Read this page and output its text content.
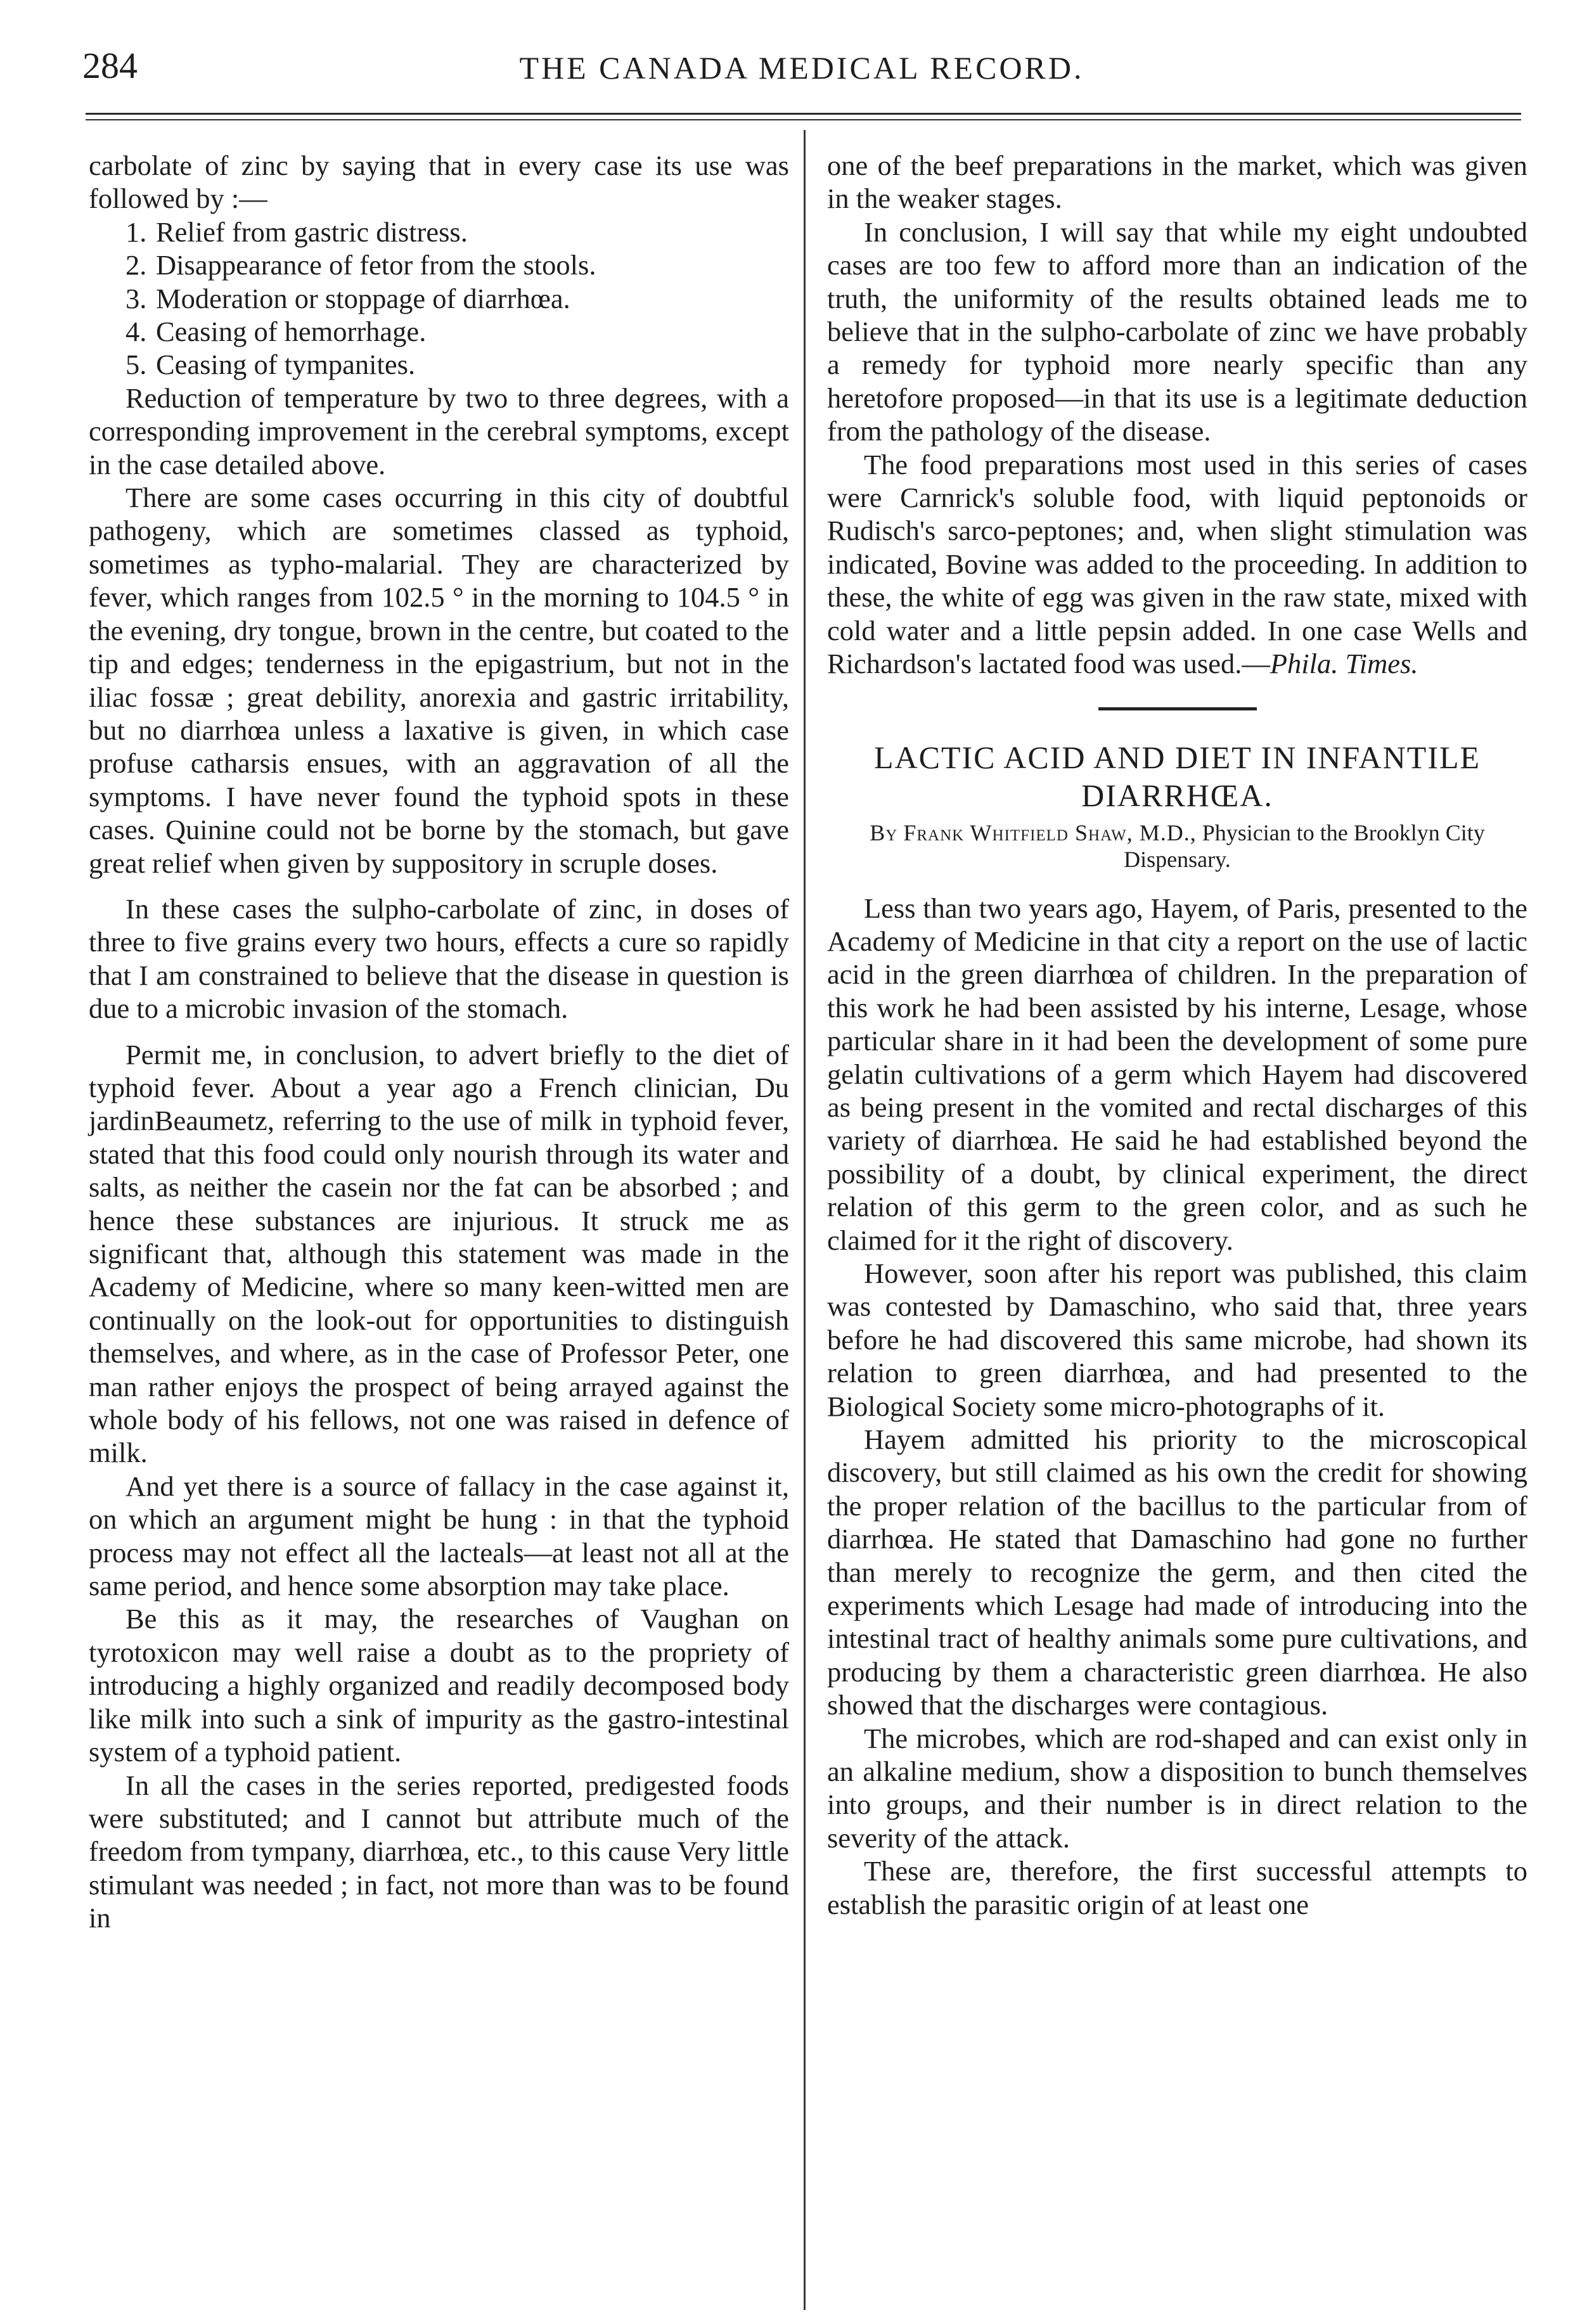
284	THE CANADA MEDICAL RECORD.

carbolate of zinc by saying that in every case its use was followed by :—

1. Relief from gastric distress.
2. Disappearance of fetor from the stools.
3. Moderation or stoppage of diarrhœa.
4. Ceasing of hemorrhage.
5. Ceasing of tympanites.

Reduction of temperature by two to three degrees, with a corresponding improvement in the cerebral symptoms, except in the case detailed above.

There are some cases occurring in this city of doubtful pathogeny, which are sometimes classed as typhoid, sometimes as typho-malarial. They are characterized by fever, which ranges from 102.5 ° in the morning to 104.5 ° in the evening, dry tongue, brown in the centre, but coated to the tip and edges; tenderness in the epigastrium, but not in the iliac fossæ ; great debility, anorexia and gastric irritability, but no diarrhœa unless a laxative is given, in which case profuse catharsis ensues, with an aggravation of all the symptoms. I have never found the typhoid spots in these cases. Quinine could not be borne by the stomach, but gave great relief when given by suppository in scruple doses.

In these cases the sulpho-carbolate of zinc, in doses of three to five grains every two hours, effects a cure so rapidly that I am constrained to believe that the disease in question is due to a microbic invasion of the stomach.

Permit me, in conclusion, to advert briefly to the diet of typhoid fever. About a year ago a French clinician, Du jardinBeaumetz, referring to the use of milk in typhoid fever, stated that this food could only nourish through its water and salts, as neither the casein nor the fat can be absorbed ; and hence these substances are injurious. It struck me as significant that, although this statement was made in the Academy of Medicine, where so many keen-witted men are continually on the look-out for opportunities to distinguish themselves, and where, as in the case of Professor Peter, one man rather enjoys the prospect of being arrayed against the whole body of his fellows, not one was raised in defence of milk.

And yet there is a source of fallacy in the case against it, on which an argument might be hung : in that the typhoid process may not effect all the lacteals—at least not all at the same period, and hence some absorption may take place.

Be this as it may, the researches of Vaughan on tyrotoxicon may well raise a doubt as to the propriety of introducing a highly organized and readily decomposed body like milk into such a sink of impurity as the gastro-intestinal system of a typhoid patient.

In all the cases in the series reported, predigested foods were substituted; and I cannot but attribute much of the freedom from tympany, diarrhœa, etc., to this cause Very little stimulant was needed ; in fact, not more than was to be found in

one of the beef preparations in the market, which was given in the weaker stages.

In conclusion, I will say that while my eight undoubted cases are too few to afford more than an indication of the truth, the uniformity of the results obtained leads me to believe that in the sulpho-carbolate of zinc we have probably a remedy for typhoid more nearly specific than any heretofore proposed—in that its use is a legitimate deduction from the pathology of the disease.

The food preparations most used in this series of cases were Carnrick's soluble food, with liquid peptonoids or Rudisch's sarco-peptones; and, when slight stimulation was indicated, Bovine was added to the proceeding. In addition to these, the white of egg was given in the raw state, mixed with cold water and a little pepsin added. In one case Wells and Richardson's lactated food was used.—Phila. Times.

LACTIC ACID AND DIET IN INFANTILE DIARRHŒA.
By Frank Whitfield Shaw, M.D., Physician to the Brooklyn City Dispensary.

Less than two years ago, Hayem, of Paris, presented to the Academy of Medicine in that city a report on the use of lactic acid in the green diarrhœa of children. In the preparation of this work he had been assisted by his interne, Lesage, whose particular share in it had been the development of some pure gelatin cultivations of a germ which Hayem had discovered as being present in the vomited and rectal discharges of this variety of diarrhœa. He said he had established beyond the possibility of a doubt, by clinical experiment, the direct relation of this germ to the green color, and as such he claimed for it the right of discovery.

However, soon after his report was published, this claim was contested by Damaschino, who said that, three years before he had discovered this same microbe, had shown its relation to green diarrhœa, and had presented to the Biological Society some micro-photographs of it.

Hayem admitted his priority to the microscopical discovery, but still claimed as his own the credit for showing the proper relation of the bacillus to the particular from of diarrhœa. He stated that Damaschino had gone no further than merely to recognize the germ, and then cited the experiments which Lesage had made of introducing into the intestinal tract of healthy animals some pure cultivations, and producing by them a characteristic green diarrhœa. He also showed that the discharges were contagious.

The microbes, which are rod-shaped and can exist only in an alkaline medium, show a disposition to bunch themselves into groups, and their number is in direct relation to the severity of the attack.

These are, therefore, the first successful attempts to establish the parasitic origin of at least one
